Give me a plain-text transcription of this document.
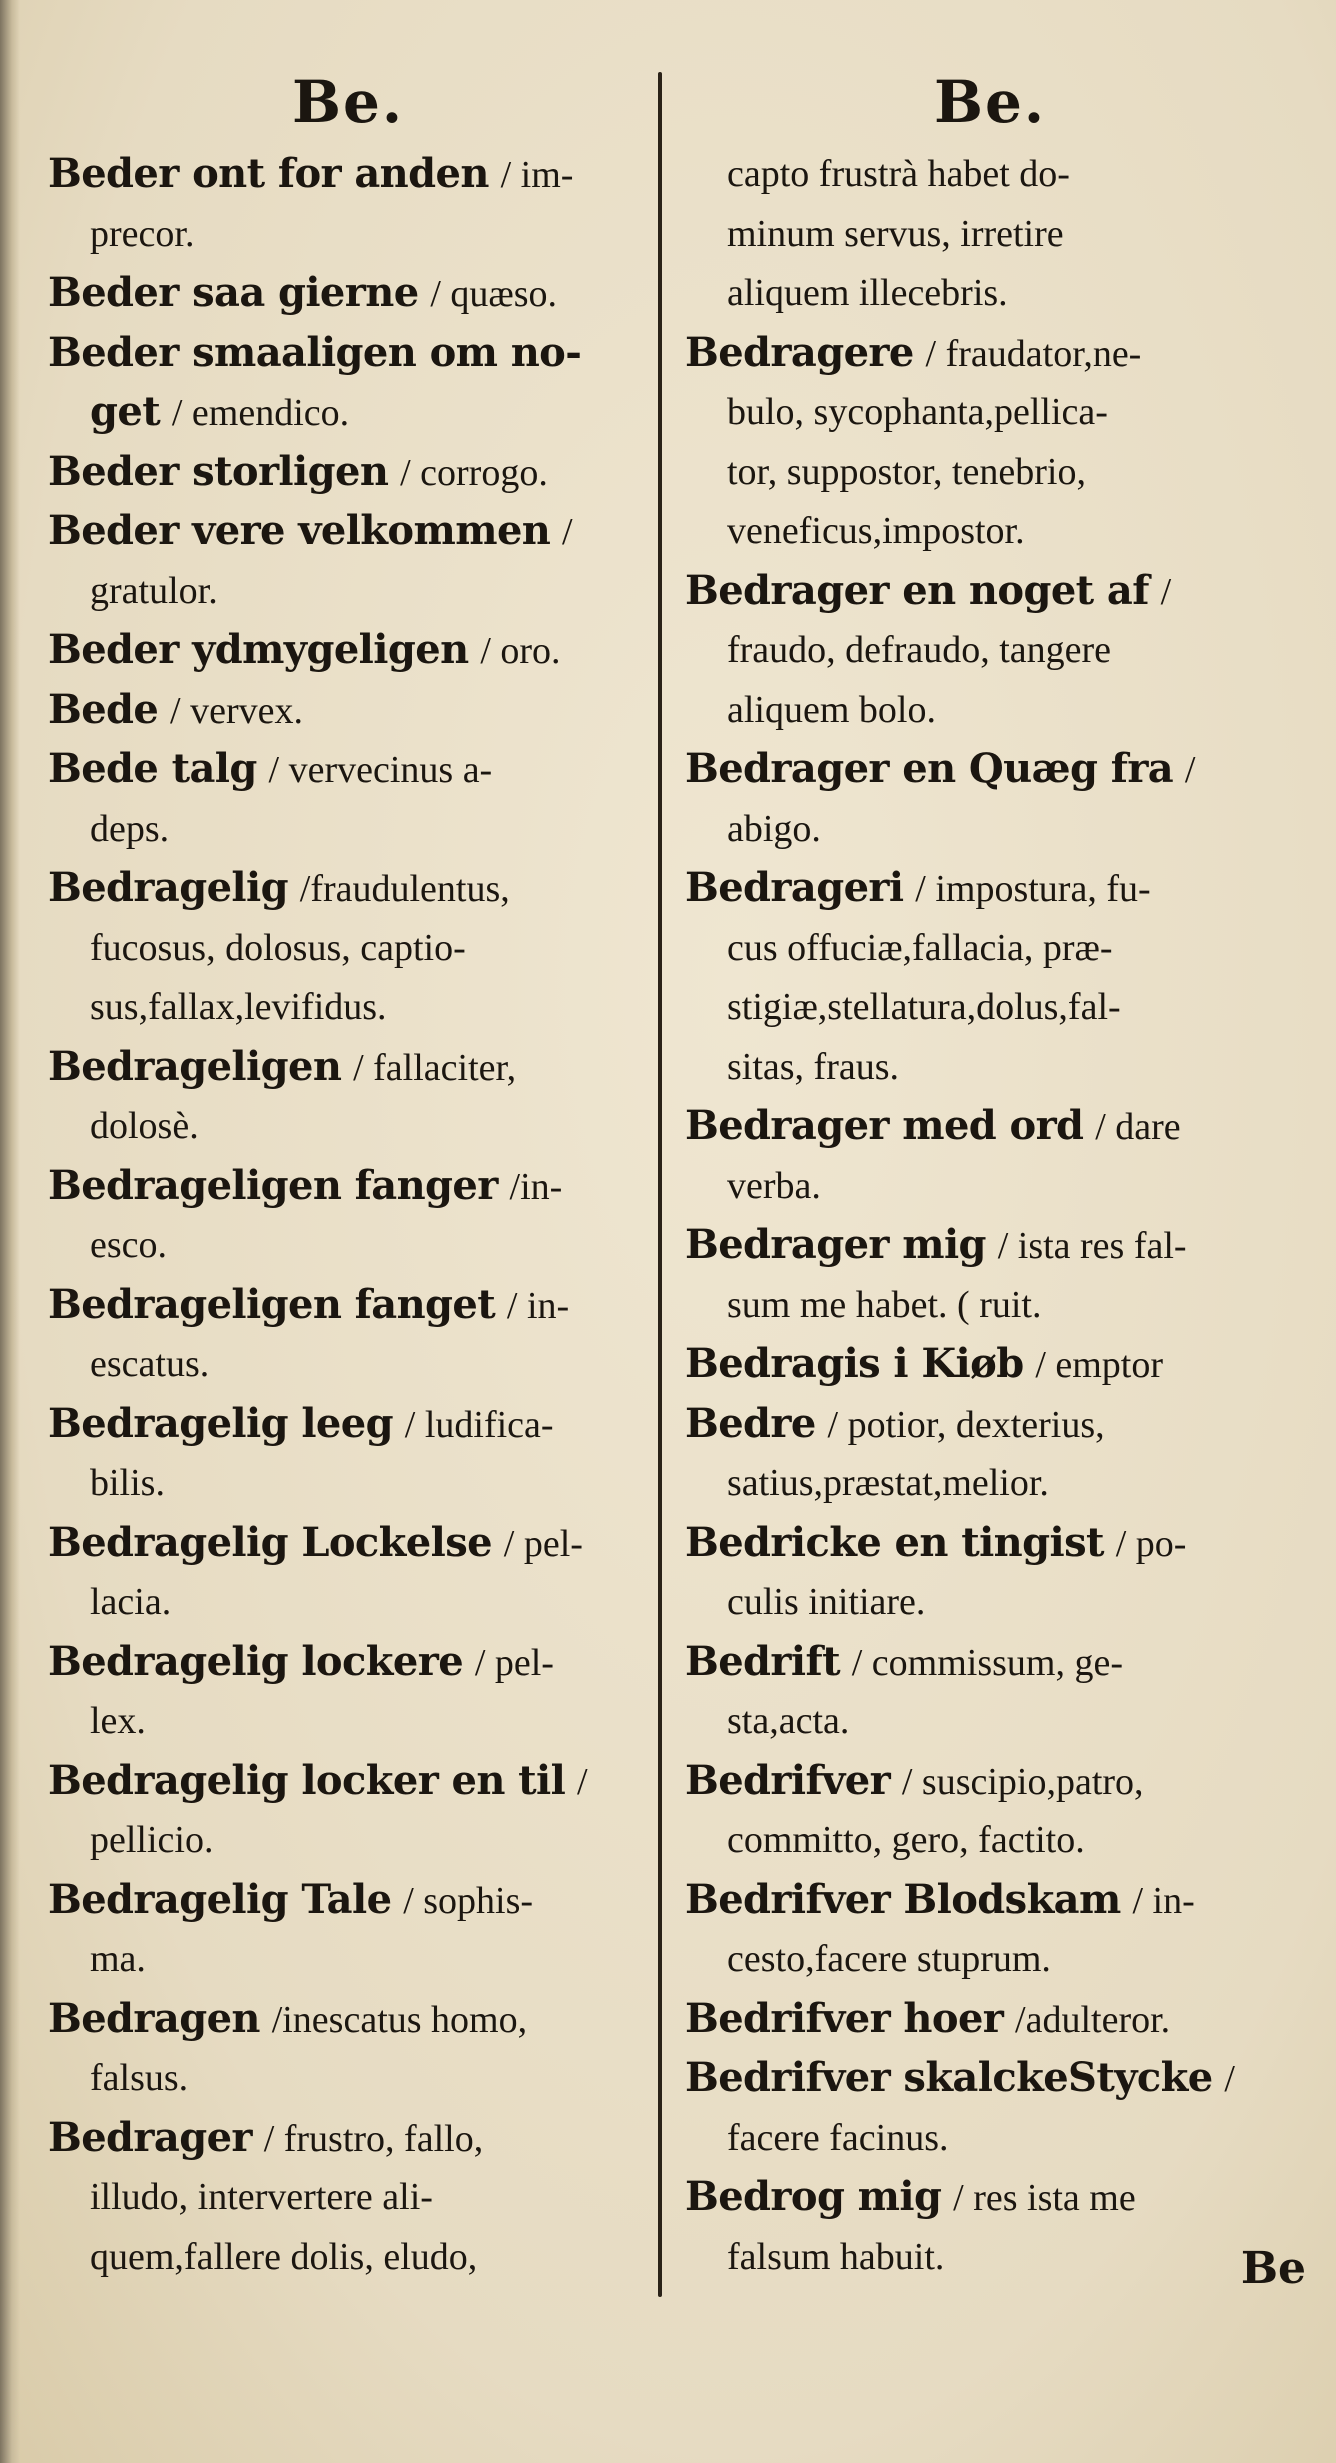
Be.
Beder ont for anden / im-
precor.
Beder saa gierne / quæso.
Beder smaaligen om no-
get / emendico.
Beder storligen / corrogo.
Beder vere velkommen /
gratulor.
Beder ydmygeligen / oro.
Bede / vervex.
Bede talg / vervecinus a-
deps.
Bedragelig /fraudulentus,
fucosus, dolosus, captio-
sus,fallax,levifidus.
Bedrageligen / fallaciter,
dolosè.
Bedrageligen fanger /in-
esco.
Bedrageligen fanget / in-
escatus.
Bedragelig leeg / ludifica-
bilis.
Bedragelig Lockelse / pel-
lacia.
Bedragelig lockere / pel-
lex.
Bedragelig locker en til /
pellicio.
Bedragelig Tale / sophis-
ma.
Bedragen /inescatus homo,
falsus.
Bedrager / frustro, fallo,
illudo, intervertere ali-
quem,fallere dolis, eludo,
Be.
capto frustrà habet do-
minum servus, irretire
aliquem illecebris.
Bedragere / fraudator,ne-
bulo, sycophanta,pellica-
tor, suppostor, tenebrio,
veneficus,impostor.
Bedrager en noget af /
fraudo, defraudo, tangere
aliquem bolo.
Bedrager en Quæg fra /
abigo.
Bedrageri / impostura, fu-
cus offuciæ,fallacia, præ-
stigiæ,stellatura,dolus,fal-
sitas, fraus.
Bedrager med ord / dare
verba.
Bedrager mig / ista res fal-
sum me habet. ( ruit.
Bedragis i Kiøb / emptor
Bedre / potior, dexterius,
satius,præstat,melior.
Bedricke en tingist / po-
culis initiare.
Bedrift / commissum, ge-
sta,acta.
Bedrifver / suscipio,patro,
committo, gero, factito.
Bedrifver Blodskam / in-
cesto,facere stuprum.
Bedrifver hoer /adulteror.
Bedrifver skalckeStycke /
facere facinus.
Bedrog mig / res ista me
falsum habuit.	Be
